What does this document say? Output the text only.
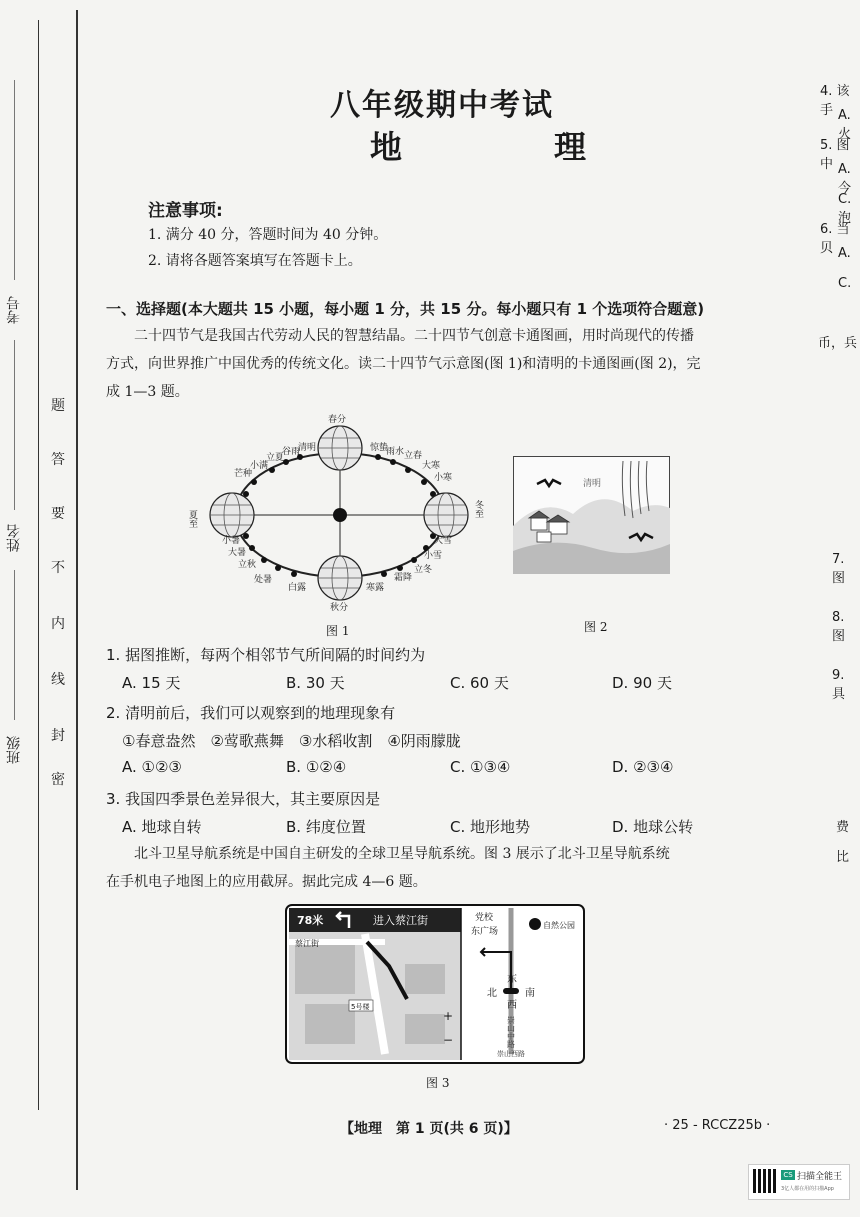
考号
姓名
班级
题
答
要
不
内
线
封
密
八年级期中考试
地　理
注意事项:
1. 满分 40 分，答题时间为 40 分钟。
2. 请将各题答案填写在答题卡上。
一、选择题(本大题共 15 小题，每小题 1 分，共 15 分。每小题只有 1 个选项符合题意)
二十四节气是我国古代劳动人民的智慧结晶。二十四节气创意卡通图画，用时尚现代的传播
方式，向世界推广中国优秀的传统文化。读二十四节气示意图(图 1)和清明的卡通图画(图 2)，完
成 1—3 题。
春分
秋分
夏至
冬至
清明
谷雨
立夏
小满
芒种
惊蛰
雨水 立春
大寒
小寒
小暑
大暑
立秋
处暑
白露
大雪
小雪
立冬
霜降
寒露
图 1
清明
图 2
1. 据图推断，每两个相邻节气所间隔的时间约为
A. 15 天	B. 30 天	C. 60 天	D. 90 天
2. 清明前后，我们可以观察到的地理现象有
①春意盎然　②莺歌燕舞　③水稻收割　④阴雨朦胧
A. ①②③	B. ①②④	C. ①③④	D. ②③④
3. 我国四季景色差异很大，其主要原因是
A. 地球自转	B. 纬度位置	C. 地形地势	D. 地球公转
北斗卫星导航系统是中国自主研发的全球卫星导航系统。图 3 展示了北斗卫星导航系统
在手机电子地图上的应用截屏。据此完成 4—6 题。
78米	进入蔡江街
蔡江街
5号楼
+
−
党校
东广场
自然公园
东
北	南
西
崇山中路
崇山西路
图 3
【地理　第 1 页(共 6 页)】	· 25 - RCCZ25b ·
4. 该手 A. 火
5. 图中 A. 今
C. 泡
6. 当贝 A.
C.
币，兵
7. 图
8. 图
9. 具
费
比
CS 扫描全能王
3亿人都在用的扫描App
